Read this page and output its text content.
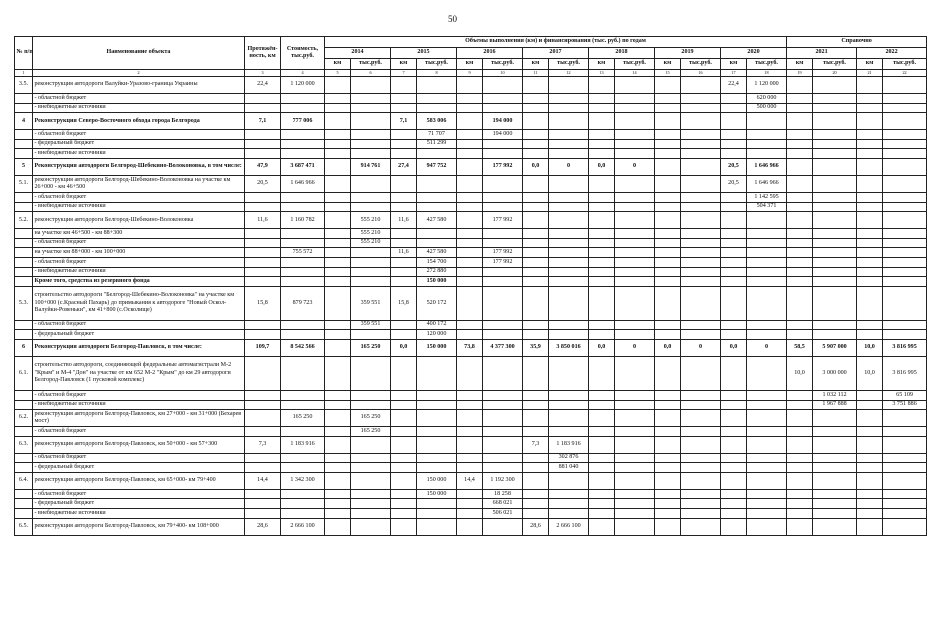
50
№ п/п	Наименование объекта	Протяжён-ность, км	Стоимость, тыс.руб.	Объемы выполнения (км) и финансирования (тыс. руб.) по годам														Справочно			
				2014		2015		2016		2017		2018		2019		2020		2021		2022	
				км	тыс.руб.	км	тыс.руб.	км	тыс.руб.	км	тыс.руб.	км	тыс.руб.	км	тыс.руб.	км	тыс.руб.	км	тыс.руб.	км	тыс.руб.
1	2	3	4	5	6	7	8	9	10	11	12	13	14	15	16	17	18	19	20	21	22
3.5.	реконструкция автодороги Валуйки-Уразово-граница Украины	22,4	1 120 000													22,4	1 120 000				
	- областной бюджет																620 000				
	- внебюджетные источники																500 000				
4	Реконструкция Северо-Восточного обхода города Белгорода	7,1	777 006			7,1	583 006		194 000												
	- областной бюджет						71 707		194 000												
	- федеральный бюджет						511 299														
	- внебюджетные источники																				
5	Реконструкция автодороги Белгород-Шебекино-Волоконовка, в том числе:	47,9	3 687 471		914 761	27,4	947 752		177 992	0,0	0	0,0	0			20,5	1 646 966				
5.1.	реконструкция автодороги Белгород-Шебекино-Волоконовка на участке км 26+000 - км 46+500	20,5	1 646 966													20,5	1 646 966				
	- областной бюджет																1 142 595				
	- внебюджетные источники																504 371				
5.2.	реконструкция автодороги Белгород-Шебекино-Волоконовка	11,6	1 160 782		555 210	11,6	427 580		177 992												
	на участке км 46+500 - км 88+300				555 210																
	- областной бюджет				555 210																
	на участке км 88+000 - км 100+000		755 572			11,6	427 580		177 992												
	- областной бюджет						154 700		177 992												
	- внебюджетные источники						272 880														
	Кроме того, средства из резервного фонда						150 000														
5.3.	строительство автодороги "Белгород-Шебекино-Волоконовка" на участке км 100+000 (с.Красный Пахарь) до примыкания к автодороге "Новый Оскол-Валуйки-Ровеньки", км 41+800 (с.Осколище)	15,8	879 723		359 551	15,8	520 172														
	- областной бюджет				359 551		400 172														
	- федеральный бюджет						120 000														
6	Реконструкция автодороги Белгород-Павловск, в том числе:	109,7	8 542 566		165 250	0,0	150 000	73,8	4 377 300	35,9	3 850 016	0,0	0	0,0	0	0,0	0	58,5	5 907 000	10,0	3 816 995
6.1.	строительство автодороги, соединяющей федеральные автомагистрали М-2 "Крым" и М-4 "Дон" на участке от км 652 М-2 "Крым" до км 29 автодороги Белгород-Павловск (1 пусковой комплекс)																	10,0	3 000 000	10,0	3 816 995
	- областной бюджет																		1 032 112		65 109
	- внебюджетные источники																		1 967 888		3 751 886
6.2.	реконструкция автодороги Белгород-Павловск, км 27+000 - км 31+000 (Бехарев мост)		165 250		165 250																
	- областной бюджет				165 250																
6.3.	реконструкция автодороги Белгород-Павловск, км 50+000 - км 57+300	7,3	1 183 916							7,3	1 183 916										
	- областной бюджет										302 876										
	- федеральный бюджет										881 040										
6.4.	реконструкция автодороги Белгород-Павловск, км 65+000- км 79+400	14,4	1 342 300				150 000	14,4	1 192 300												
	- областной бюджет						150 000		18 258												
	- федеральный бюджет								668 021												
	- внебюджетные источники								506 021												
6.5.	реконструкция автодороги Белгород-Павловск, км 79+400- км 108+000	28,6	2 666 100							28,6	2 666 100										
